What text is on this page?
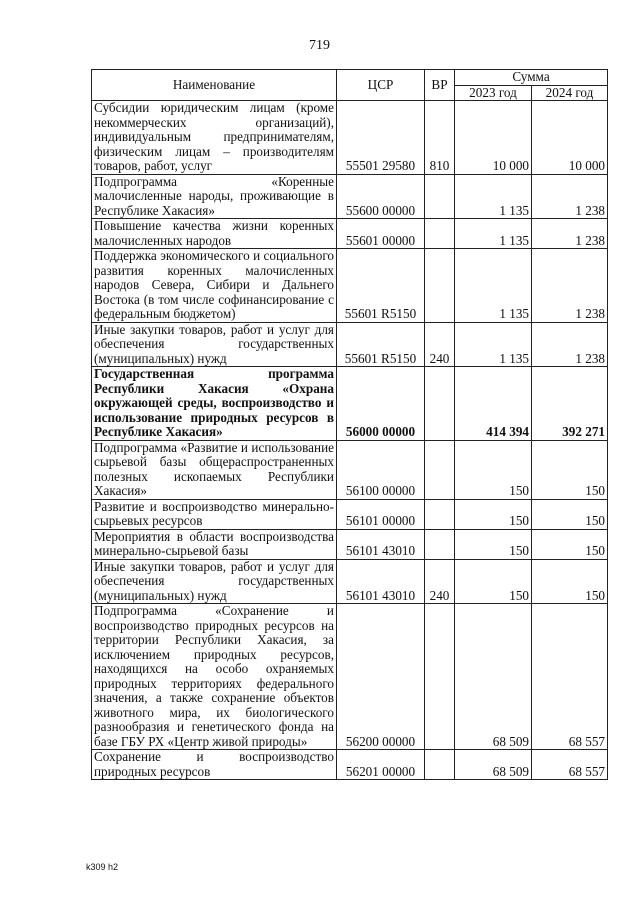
719
Наименование	ЦСР	ВР	Сумма	
			2023 год	2024 год
Субсидии юридическим лицам (кроме некоммерческих организаций), индивидуальным предпринимателям, физическим лицам – производителям товаров, работ, услуг	55501 29580	810	10 000	10 000
Подпрограмма «Коренные малочисленные народы, проживающие в Республике Хакасия»	55600 00000		1 135	1 238
Повышение качества жизни коренных малочисленных народов	55601 00000		1 135	1 238
Поддержка экономического и социального развития коренных малочисленных народов Севера, Сибири и Дальнего Востока (в том числе софинансирование с федеральным бюджетом)	55601 R5150		1 135	1 238
Иные закупки товаров, работ и услуг для обеспечения государственных (муниципальных) нужд	55601 R5150	240	1 135	1 238
Государственная программа Республики Хакасия «Охрана окружающей среды, воспроизводство и использование природных ресурсов в Республике Хакасия»	56000 00000		414 394	392 271
Подпрограмма «Развитие и использование сырьевой базы общераспространенных полезных ископаемых Республики Хакасия»	56100 00000		150	150
Развитие и воспроизводство минерально-сырьевых ресурсов	56101 00000		150	150
Мероприятия в области воспроизводства минерально-сырьевой базы	56101 43010		150	150
Иные закупки товаров, работ и услуг для обеспечения государственных (муниципальных) нужд	56101 43010	240	150	150
Подпрограмма «Сохранение и воспроизводство природных ресурсов на территории Республики Хакасия, за исключением природных ресурсов, находящихся на особо охраняемых природных территориях федерального значения, а также сохранение объектов животного мира, их биологического разнообразия и генетического фонда на базе ГБУ РХ «Центр живой природы»	56200 00000		68 509	68 557
Сохранение и воспроизводство природных ресурсов	56201 00000		68 509	68 557
k309 h2
